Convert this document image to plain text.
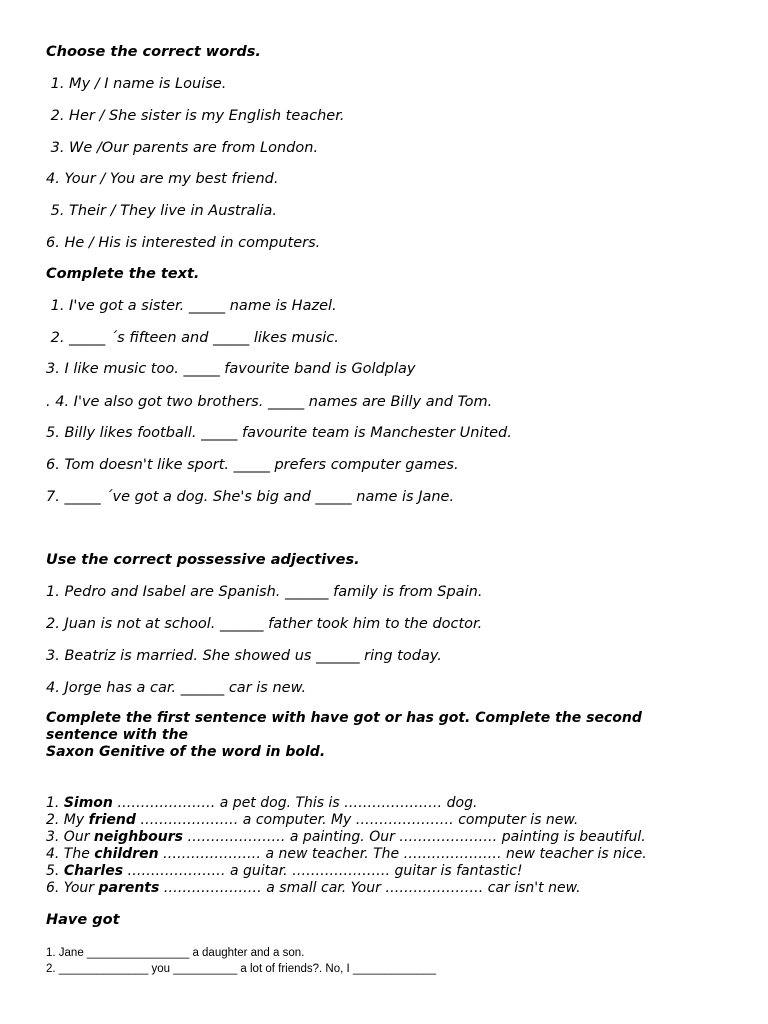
Choose the correct words.
1. My / I name is Louise.
2. Her / She sister is my English teacher.
3. We /Our parents are from London.
4. Your / You are my best friend.
5. Their / They live in Australia.
6. He / His is interested in computers.
Complete the text.
1. I've got a sister. _____ name is Hazel.
2. _____ ´s fifteen and _____ likes music.
3. I like music too. _____ favourite band is Goldplay
. 4. I've also got two brothers. _____ names are Billy and Tom.
5. Billy likes football. _____ favourite team is Manchester United.
6. Tom doesn't like sport. _____ prefers computer games.
7. _____ ´ve got a dog. She's big and _____ name is Jane.
Use the correct possessive adjectives.
1. Pedro and Isabel are Spanish. ______ family is from Spain.
2. Juan is not at school. ______ father took him to the doctor.
3. Beatriz is married. She showed us ______ ring today.
4. Jorge has a car. ______ car is new.
Complete the first sentence with have got or has got. Complete the second
sentence with the
Saxon Genitive of the word in bold.
1. Simon ………………… a pet dog. This is ………………… dog.
2. My friend ………………… a computer. My ………………… computer is new.
3. Our neighbours ………………… a painting. Our ………………… painting is beautiful.
4. The children ………………… a new teacher. The ………………… new teacher is nice.
5. Charles ………………… a guitar. ………………… guitar is fantastic!
6. Your parents ………………… a small car. Your ………………… car isn't new.
Have got
1. Jane ________________ a daughter and a son.
2. ______________ you __________ a lot of friends?. No, I _____________
